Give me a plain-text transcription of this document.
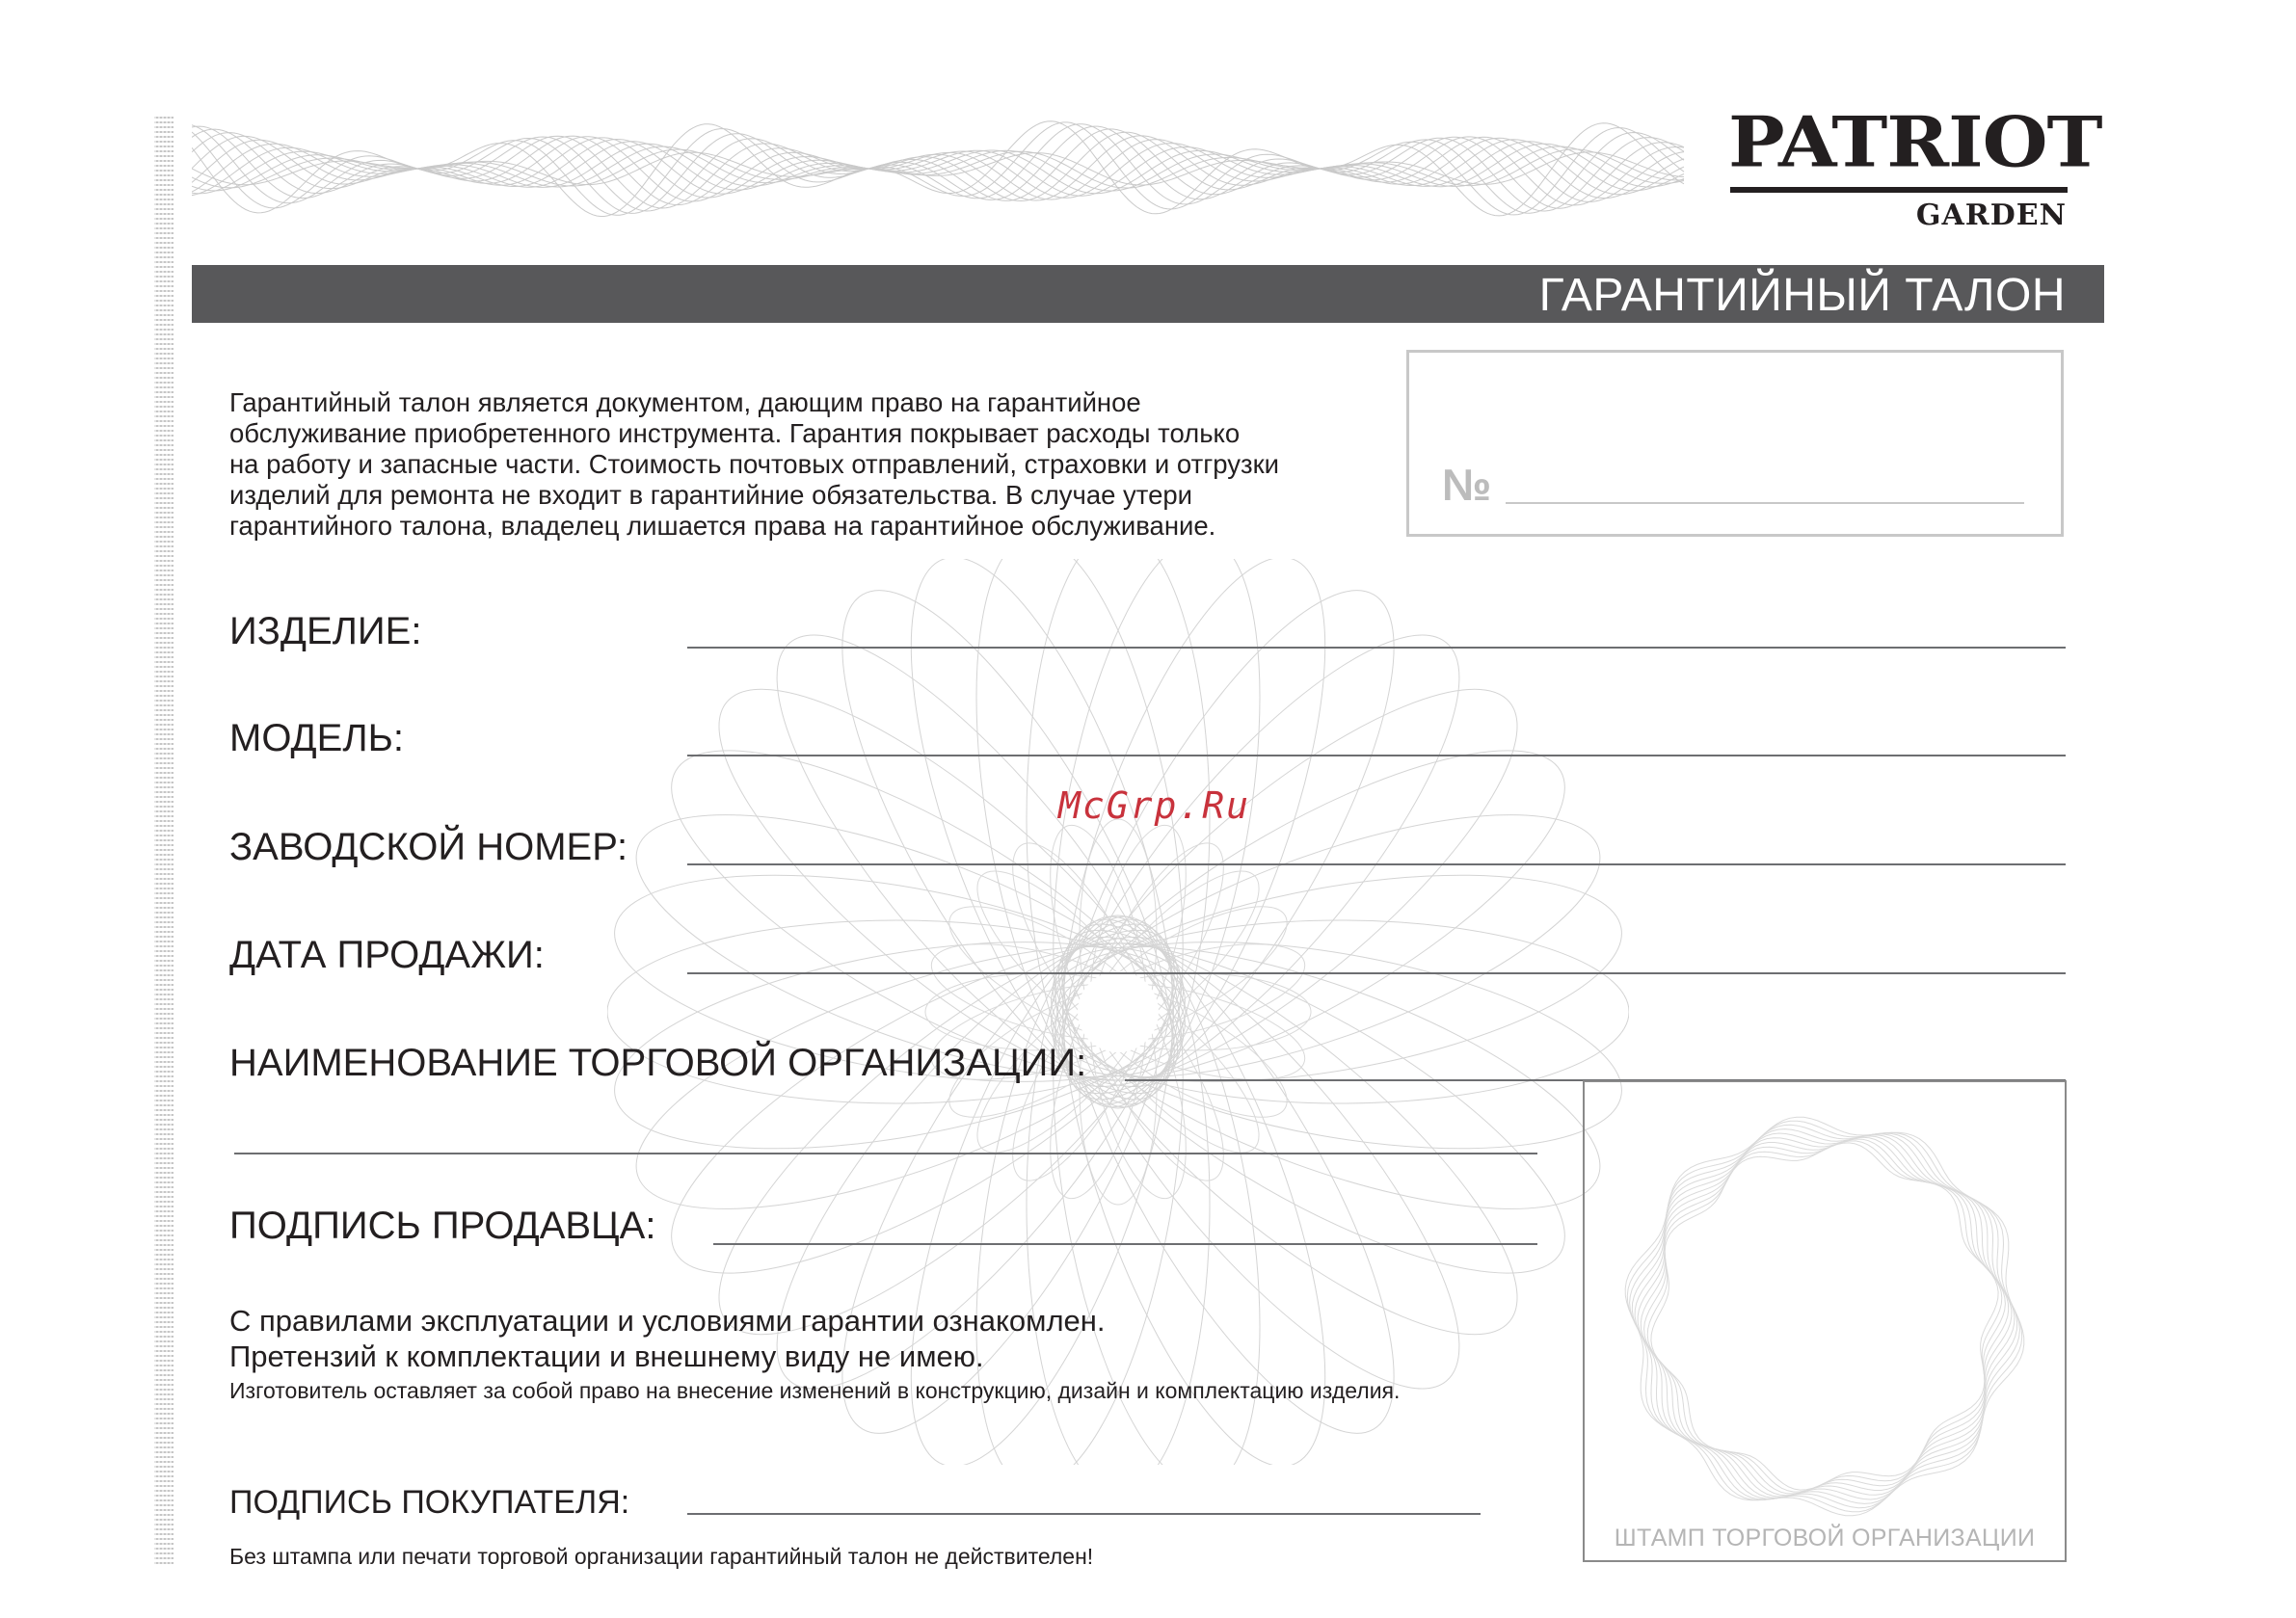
PATRIOT
GARDEN
ГАРАНТИЙНЫЙ ТАЛОН
Гарантийный талон является документом, дающим право на гарантийное
обслуживание приобретенного инструмента. Гарантия покрывает расходы только
на работу и запасные части. Стоимость почтовых отправлений, страховки и отгрузки
изделий для ремонта не входит в гарантийние обязательства. В случае утери
гарантийного талона, владелец лишается права на гарантийное обслуживание.
№
ИЗДЕЛИЕ:
МОДЕЛЬ:
ЗАВОДСКОЙ НОМЕР:
ДАТА ПРОДАЖИ:
НАИМЕНОВАНИЕ ТОРГОВОЙ ОРГАНИЗАЦИИ:
ПОДПИСЬ ПРОДАВЦА:
С правилами эксплуатации и условиями гарантии ознакомлен.
Претензий к комплектации и внешнему виду не имею.
Изготовитель оставляет за собой право на внесение изменений в конструкцию, дизайн и комплектацию изделия.
ПОДПИСЬ ПОКУПАТЕЛЯ:
Без штампа или печати торговой организации гарантийный талон не действителен!
ШТАМП ТОРГОВОЙ ОРГАНИЗАЦИИ
McGrp.Ru
